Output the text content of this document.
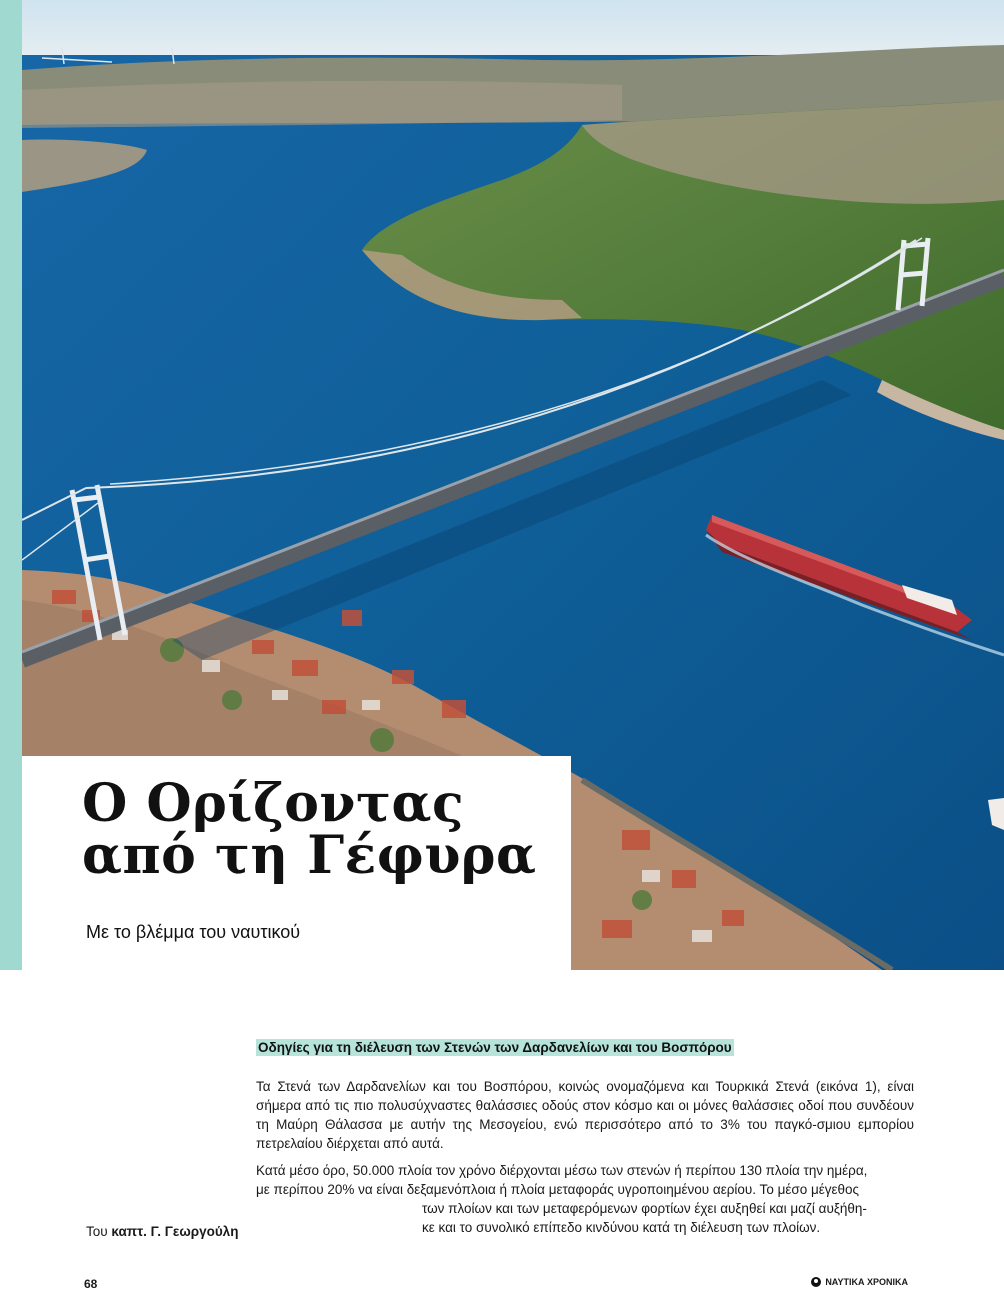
Ο Ορίζοντας
από τη Γέφυρα

Με το βλέμμα του ναυτικού

Οδηγίες για τη διέλευση των Στενών των Δαρδανελίων και του Βοσπόρου

Τα Στενά των Δαρδανελίων και του Βοσπόρου, κοινώς ονομαζόμενα και Τουρκικά Στενά (εικόνα 1), είναι σήμερα από τις πιο πολυσύχναστες θαλάσσιες οδούς στον κόσμο και οι μόνες θαλάσσιες οδοί που συνδέουν τη Μαύρη Θάλασσα με αυτήν της Μεσογείου, ενώ περισσότερο από το 3% του παγκό-σμιου εμπορίου πετρελαίου διέρχεται από αυτά.

Κατά μέσο όρο, 50.000 πλοία τον χρόνο διέρχονται μέσω των στενών ή περίπου 130 πλοία την ημέρα,
με περίπου 20% να είναι δεξαμενόπλοια ή πλοία μεταφοράς υγροποιημένου αερίου. Το μέσο μέγεθος
των πλοίων και των μεταφερόμενων φορτίων έχει αυξηθεί και μαζί αυξήθη-
κε και το συνολικό επίπεδο κινδύνου κατά τη διέλευση των πλοίων.

Του καπτ. Γ. Γεωργούλη

68	ΝΑΥΤΙΚΑ ΧΡΟΝΙΚΑ
